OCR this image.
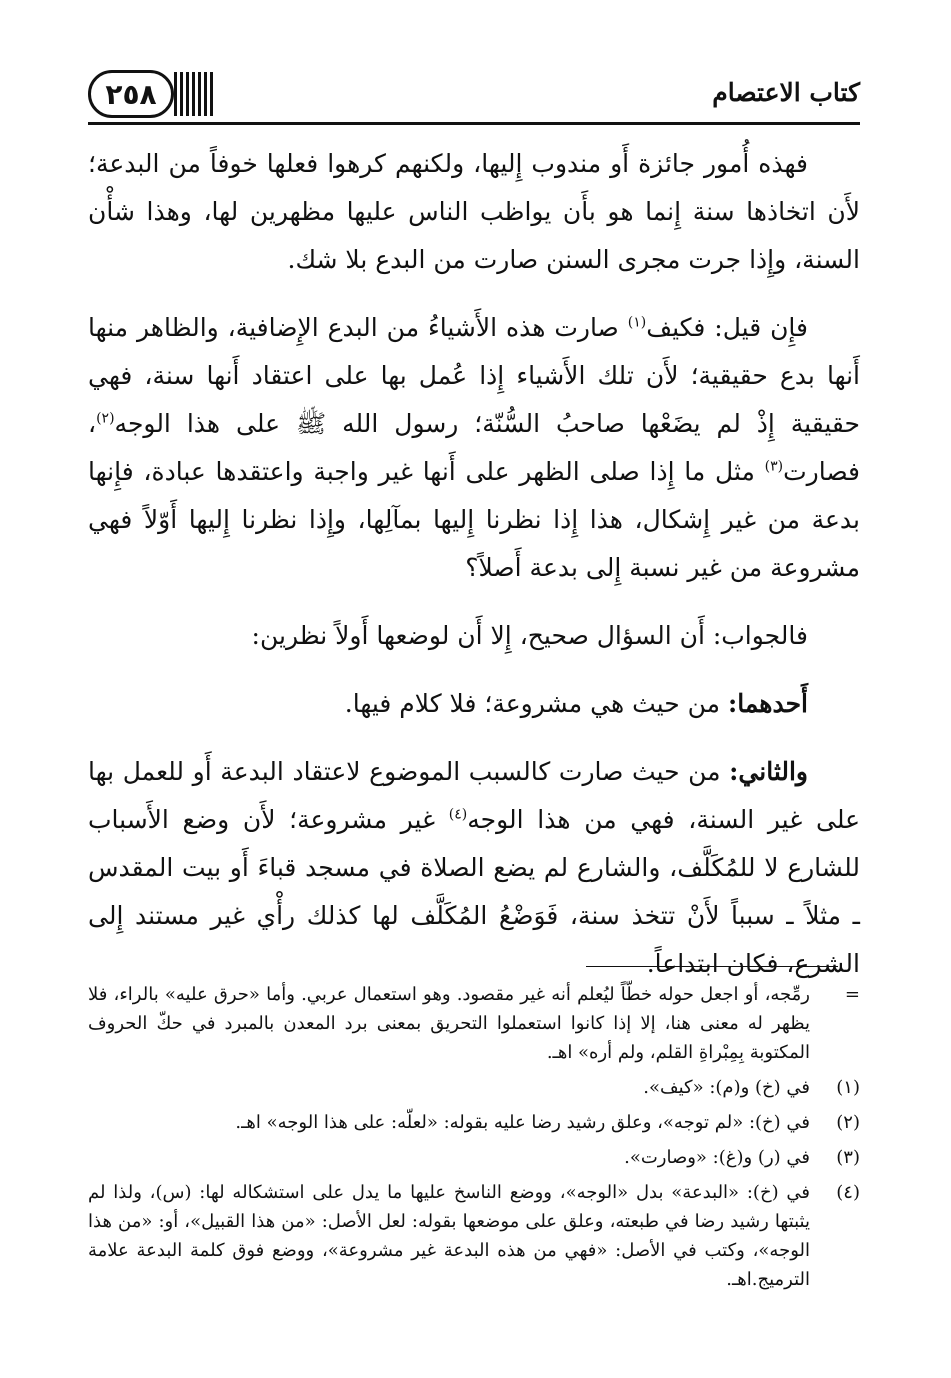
كتاب الاعتصام
٢٥٨

فهذه أُمور جائزة أَو مندوب إِليها، ولكنهم كرهوا فعلها خوفاً من البدعة؛ لأَن اتخاذها سنة إِنما هو بأَن يواظب الناس عليها مظهرين لها، وهذا شأْن السنة، وإِذا جرت مجرى السنن صارت من البدع بلا شك.

فإِن قيل: فكيف$^{(١)}$ صارت هذه الأَشياءُ من البدع الإِضافية، والظاهر منها أَنها بدع حقيقية؛ لأَن تلك الأَشياء إِذا عُمل بها على اعتقاد أَنها سنة، فهي حقيقية إِذْ لم يضَعْها صاحبُ السُّنّة؛ رسول الله ﷺ على هذا الوجه$^{(٢)}$، فصارت$^{(٣)}$ مثل ما إِذا صلى الظهر على أَنها غير واجبة واعتقدها عبادة، فإِنها بدعة من غير إِشكال، هذا إِذا نظرنا إِليها بمآلِها، وإِذا نظرنا إِليها أَوّلاً فهي مشروعة من غير نسبة إِلى بدعة أَصلاً؟

فالجواب: أَن السؤال صحيح، إِلا أَن لوضعها أَولاً نظرين:

أَحدهما: من حيث هي مشروعة؛ فلا كلام فيها.

والثاني: من حيث صارت كالسبب الموضوع لاعتقاد البدعة أَو للعمل بها على غير السنة، فهي من هذا الوجه$^{(٤)}$ غير مشروعة؛ لأَن وضع الأَسباب للشارع لا للمُكَلَّف، والشارع لم يضع الصلاة في مسجد قباءَ أَو بيت المقدس ـ مثلاً ـ سبباً لأَنْ تتخذ سنة، فَوَضْعُ المُكَلَّف لها كذلك رأْي غير مستند إِلى الشرع، فكان ابتداعاً.

=
رمِّجه، أو اجعل حوله خطّاً ليُعلم أنه غير مقصود. وهو استعمال عربي. وأما «حرق عليه» بالراء، فلا يظهر له معنى هنا، إلا إذا كانوا استعملوا التحريق بمعنى برد المعدن بالمبرد في حكّ الحروف المكتوبة بِمِبْراةِ القلم، ولم أره» اهـ.
(١)
في (خ) و(م): «كيف».
(٢)
في (خ): «لم توجه»، وعلق رشيد رضا عليه بقوله: «لعلّه: على هذا الوجه» اهـ.
(٣)
في (ر) و(غ): «وصارت».
(٤)
في (خ): «البدعة» بدل «الوجه»، ووضع الناسخ عليها ما يدل على استشكاله لها: (س)، ولذا لم يثبتها رشيد رضا في طبعته، وعلق على موضعها بقوله: لعل الأصل: «من هذا القبيل»، أو: «من هذا الوجه»، وكتب في الأصل: «فهي من هذه البدعة غير مشروعة»، ووضع فوق كلمة البدعة علامة الترميج.اهـ.
